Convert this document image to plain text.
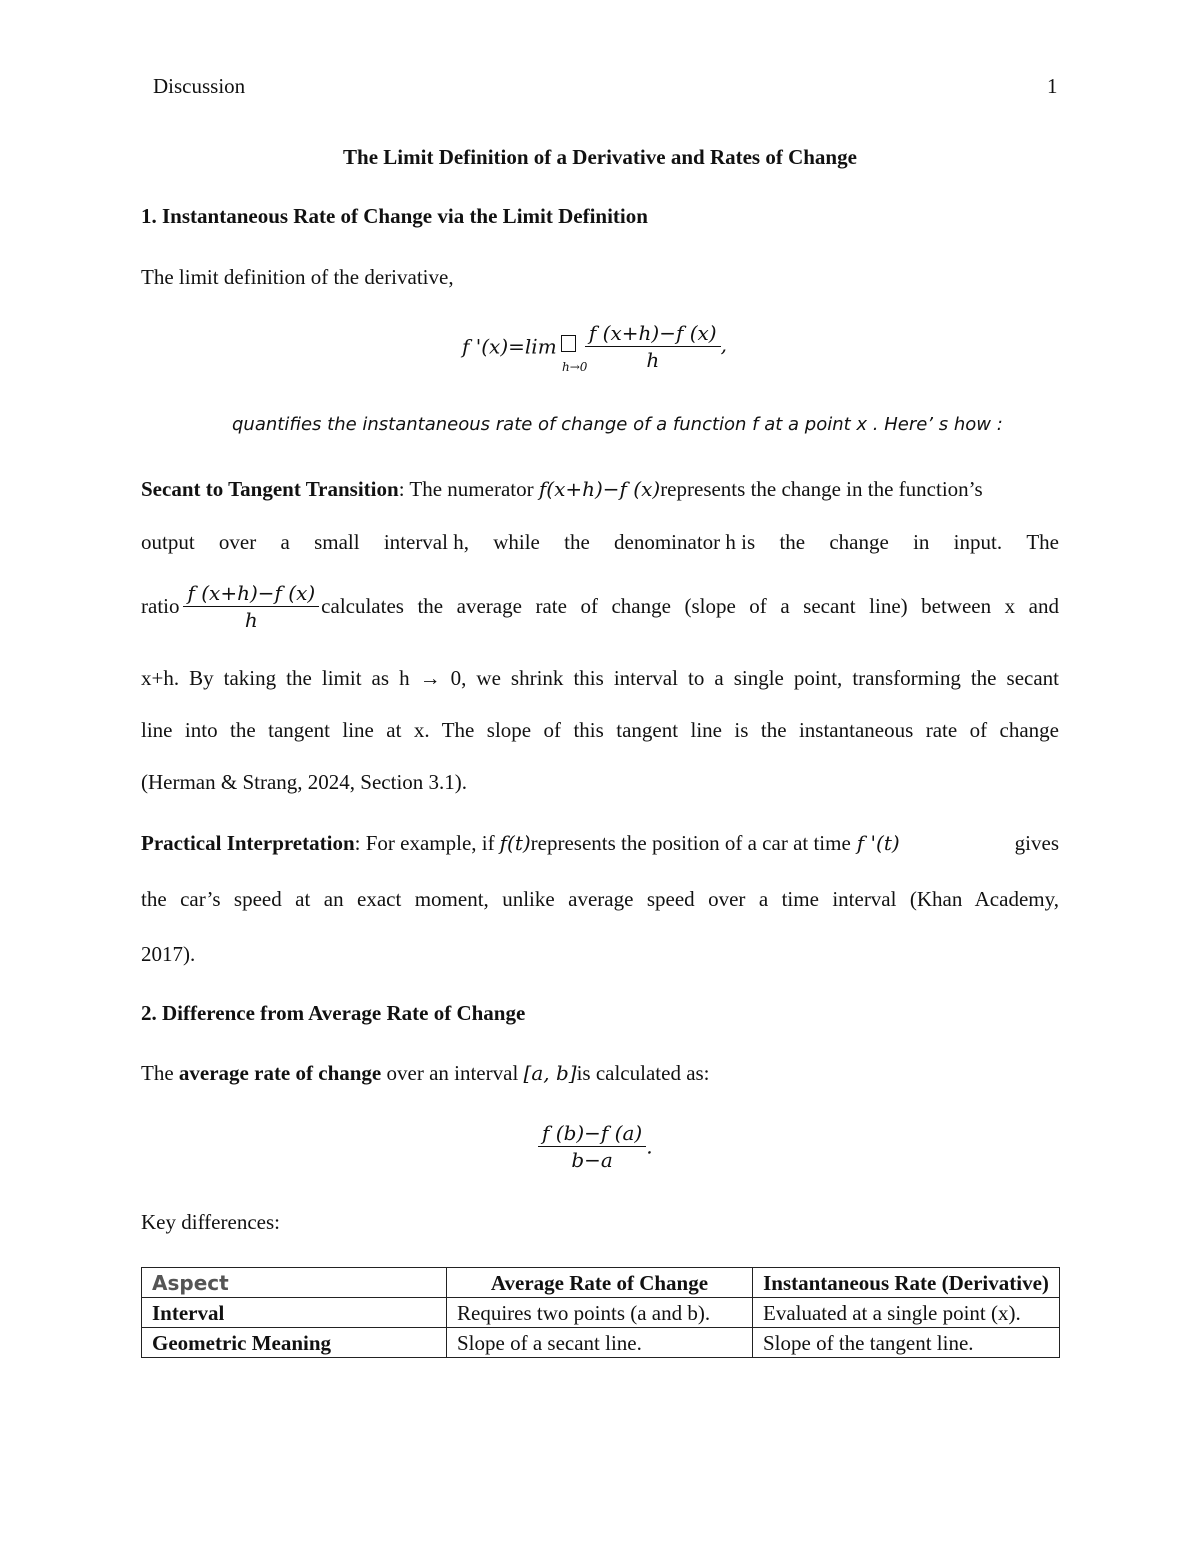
Discussion	1
The Limit Definition of a Derivative and Rates of Change
1. Instantaneous Rate of Change via the Limit Definition
The limit definition of the derivative,
f '$(x)=\lim \frac{f (x+h)-f (x)}{h}$ ,
h→0
quantifies the instantaneous rate of change of a function f at a point x . Here’ s how :
Secant to Tangent Transition: The numerator f(x+h)−f (x)represents the change in the function’s
output over a small interval h, while the denominator h is the change in input. The
ratio $\frac{f (x+h)-f (x)}{h}$ calculates the average rate of change (slope of a secant line) between x and
x+h. By taking the limit as h → 0, we shrink this interval to a single point, transforming the secant
line into the tangent line at x. The slope of this tangent line is the instantaneous rate of change
(Herman & Strang, 2024, Section 3.1).
Practical Interpretation : For example, if f(t) represents the position of a car at time f '(t)	gives
the car’s speed at an exact moment, unlike average speed over a time interval (Khan Academy,
2017).
2. Difference from Average Rate of Change
The average rate of change over an interval [a, b]is calculated as:
$\frac{f (b)-f (a)}{b-a}$ .
Key differences:
Aspect	Average Rate of Change	Instantaneous Rate (Derivative)
Interval	Requires two points (a and b).	Evaluated at a single point (x).
Geometric Meaning	Slope of a secant line.	Slope of the tangent line.
